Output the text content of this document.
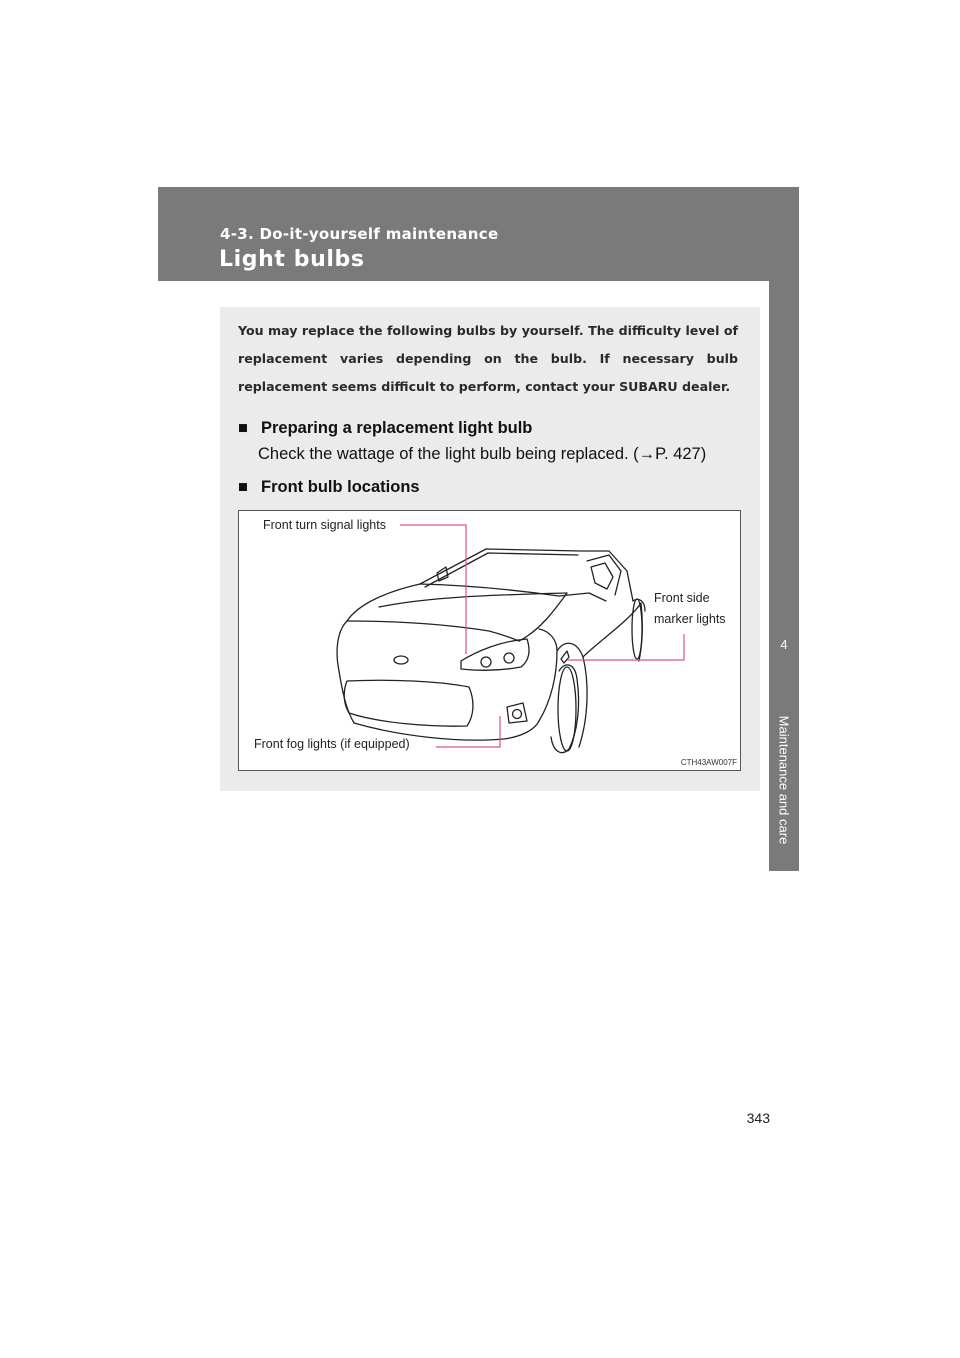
4-3. Do-it-yourself maintenance
Light bulbs
4
Maintenance and care
You may replace the following bulbs by yourself. The difficulty level of replacement varies depending on the bulb. If necessary bulb replacement seems difficult to perform, contact your SUBARU dealer.
■ Preparing a replacement light bulb
Check the wattage of the light bulb being replaced. (→P. 427)
■ Front bulb locations
Front turn signal lights
Front side
marker lights
Front fog lights (if equipped)
CTH43AW007F
343
